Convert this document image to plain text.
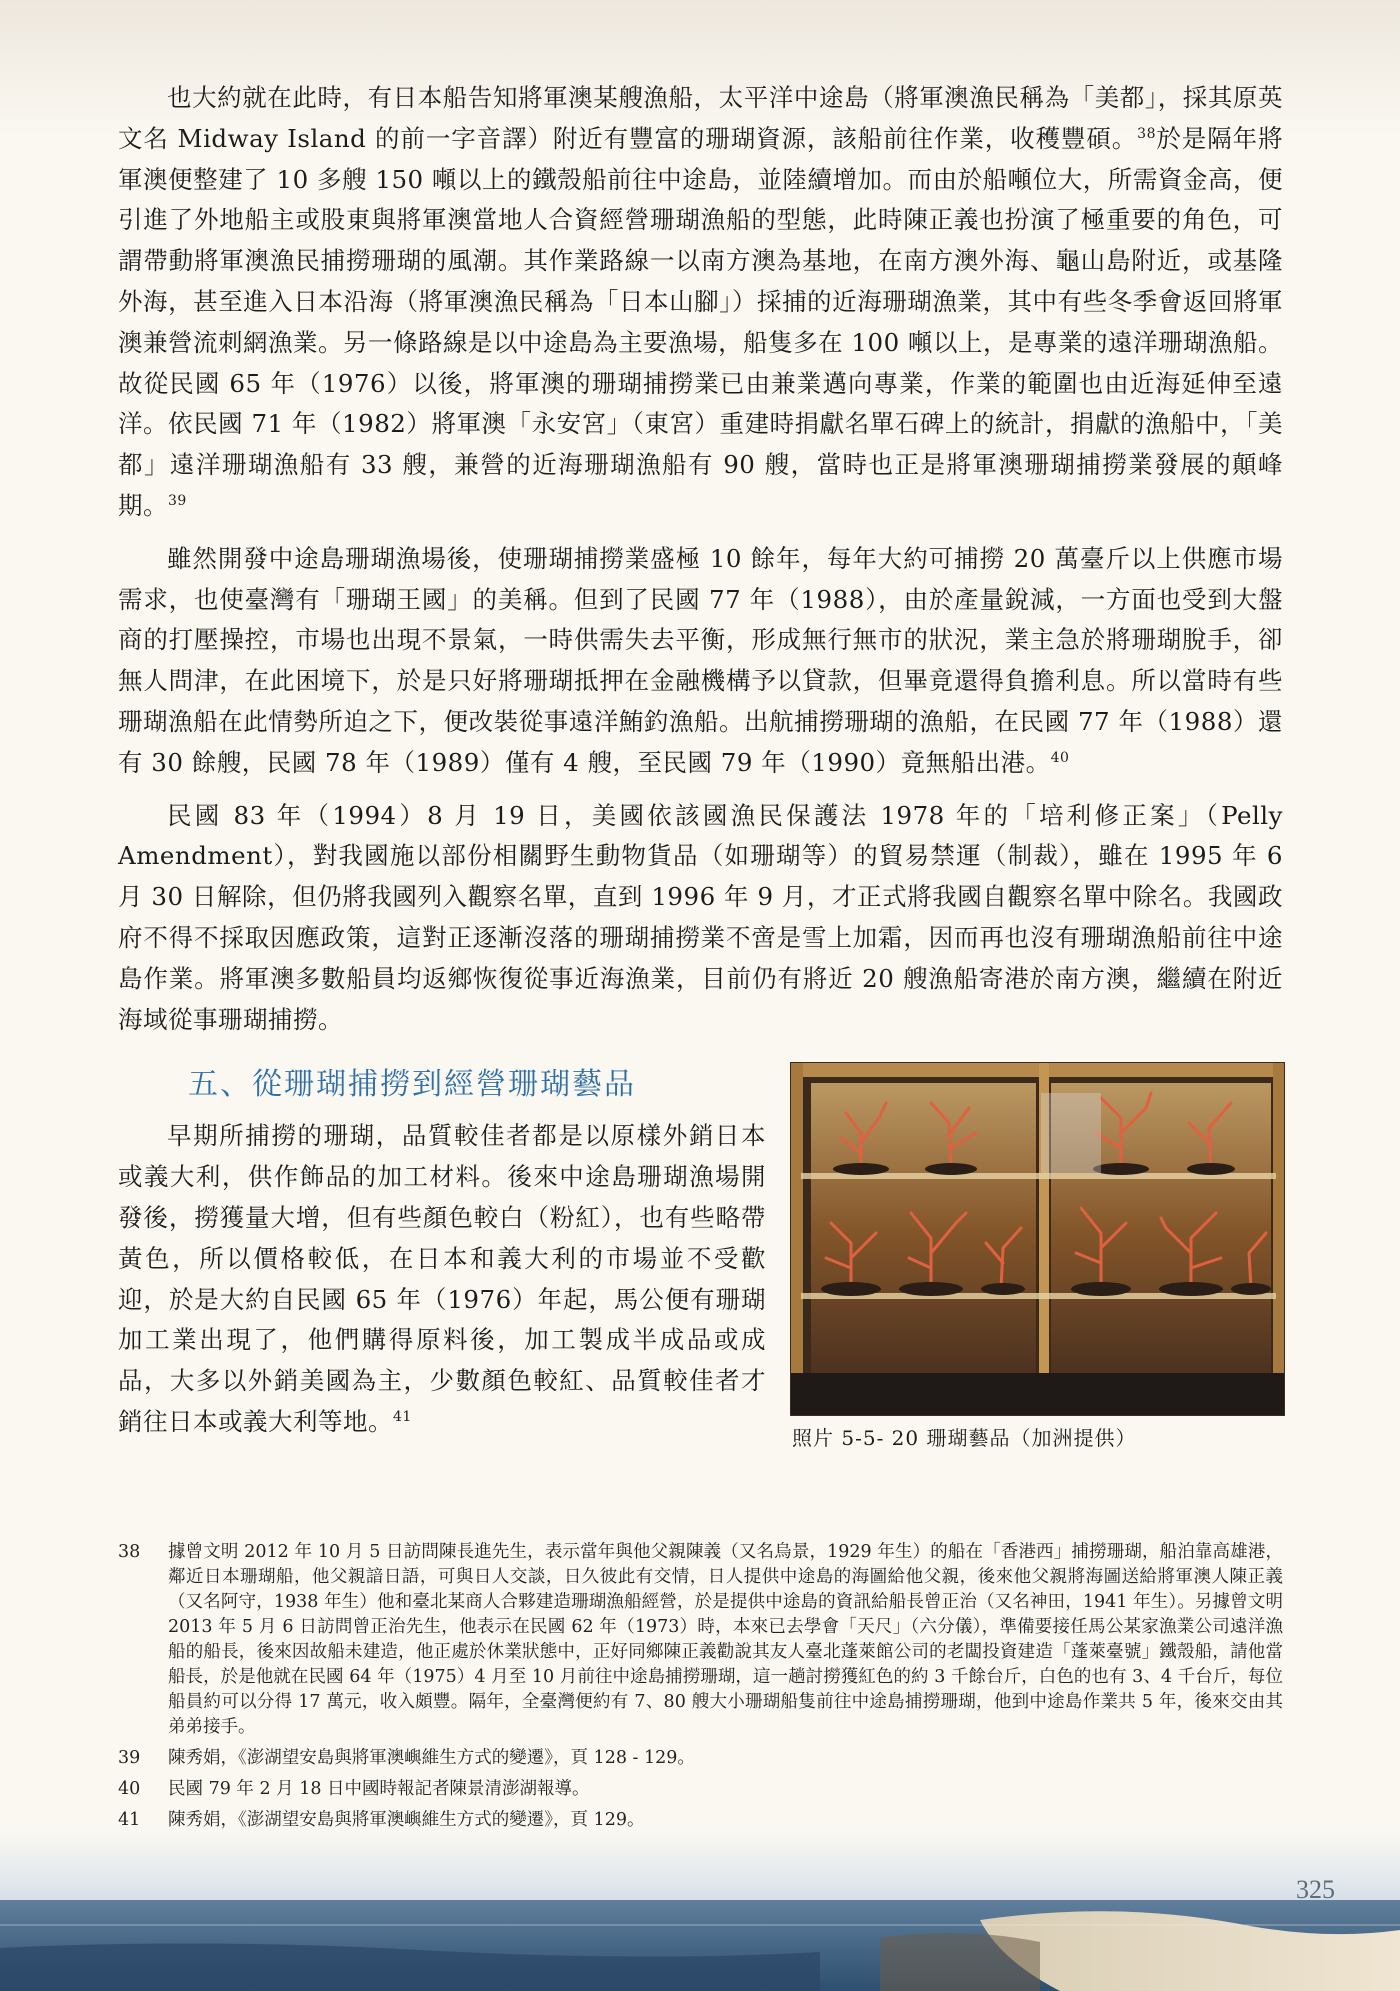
也大約就在此時，有日本船告知將軍澳某艘漁船，太平洋中途島（將軍澳漁民稱為「美都」，採其原英文名 Midway Island 的前一字音譯）附近有豐富的珊瑚資源，該船前往作業，收穫豐碩。$^{38}$於是隔年將軍澳便整建了 10 多艘 150 噸以上的鐵殼船前往中途島，並陸續增加。而由於船噸位大，所需資金高，便引進了外地船主或股東與將軍澳當地人合資經營珊瑚漁船的型態，此時陳正義也扮演了極重要的角色，可謂帶動將軍澳漁民捕撈珊瑚的風潮。其作業路線一以南方澳為基地，在南方澳外海、龜山島附近，或基隆外海，甚至進入日本沿海（將軍澳漁民稱為「日本山腳」）採捕的近海珊瑚漁業，其中有些冬季會返回將軍澳兼營流刺網漁業。另一條路線是以中途島為主要漁場，船隻多在 100 噸以上，是專業的遠洋珊瑚漁船。故從民國 65 年（1976）以後，將軍澳的珊瑚捕撈業已由兼業邁向專業，作業的範圍也由近海延伸至遠洋。依民國 71 年（1982）將軍澳「永安宮」（東宮）重建時捐獻名單石碑上的統計，捐獻的漁船中，「美都」遠洋珊瑚漁船有 33 艘，兼營的近海珊瑚漁船有 90 艘，當時也正是將軍澳珊瑚捕撈業發展的顛峰期。$^{39}$

雖然開發中途島珊瑚漁場後，使珊瑚捕撈業盛極 10 餘年，每年大約可捕撈 20 萬臺斤以上供應市場需求，也使臺灣有「珊瑚王國」的美稱。但到了民國 77 年（1988），由於產量銳減，一方面也受到大盤商的打壓操控，市場也出現不景氣，一時供需失去平衡，形成無行無市的狀況，業主急於將珊瑚脫手，卻無人問津，在此困境下，於是只好將珊瑚抵押在金融機構予以貸款，但畢竟還得負擔利息。所以當時有些珊瑚漁船在此情勢所迫之下，便改裝從事遠洋鮪釣漁船。出航捕撈珊瑚的漁船，在民國 77 年（1988）還有 30 餘艘，民國 78 年（1989）僅有 4 艘，至民國 79 年（1990）竟無船出港。$^{40}$

民國 83 年（1994）8 月 19 日，美國依該國漁民保護法 1978 年的「培利修正案」（Pelly Amendment），對我國施以部份相關野生動物貨品（如珊瑚等）的貿易禁運（制裁），雖在 1995 年 6 月 30 日解除，但仍將我國列入觀察名單，直到 1996 年 9 月，才正式將我國自觀察名單中除名。我國政府不得不採取因應政策，這對正逐漸沒落的珊瑚捕撈業不啻是雪上加霜，因而再也沒有珊瑚漁船前往中途島作業。將軍澳多數船員均返鄉恢復從事近海漁業，目前仍有將近 20 艘漁船寄港於南方澳，繼續在附近海域從事珊瑚捕撈。

五、從珊瑚捕撈到經營珊瑚藝品

早期所捕撈的珊瑚，品質較佳者都是以原樣外銷日本或義大利，供作飾品的加工材料。後來中途島珊瑚漁場開發後，撈獲量大增，但有些顏色較白（粉紅），也有些略帶黃色，所以價格較低，在日本和義大利的市場並不受歡迎，於是大約自民國 65 年（1976）年起，馬公便有珊瑚加工業出現了，他們購得原料後，加工製成半成品或成品，大多以外銷美國為主，少數顏色較紅、品質較佳者才銷往日本或義大利等地。$^{41}$

照片 5-5- 20 珊瑚藝品（加洲提供）
38	據曾文明 2012 年 10 月 5 日訪問陳長進先生，表示當年與他父親陳義（又名烏景，1929 年生）的船在「香港西」捕撈珊瑚，船泊靠高雄港，鄰近日本珊瑚船，他父親諳日語，可與日人交談，日久彼此有交情，日人提供中途島的海圖給他父親，後來他父親將海圖送給將軍澳人陳正義（又名阿守，1938 年生）他和臺北某商人合夥建造珊瑚漁船經營，於是提供中途島的資訊給船長曾正治（又名神田，1941 年生）。另據曾文明 2013 年 5 月 6 日訪問曾正治先生，他表示在民國 62 年（1973）時，本來已去學會「天尺」（六分儀），準備要接任馬公某家漁業公司遠洋漁船的船長，後來因故船未建造，他正處於休業狀態中，正好同鄉陳正義勸說其友人臺北蓬萊館公司的老闆投資建造「蓬萊臺號」鐵殼船，請他當船長，於是他就在民國 64 年（1975）4 月至 10 月前往中途島捕撈珊瑚，這一趟討撈獲紅色的約 3 千餘台斤，白色的也有 3、4 千台斤，每位船員約可以分得 17 萬元，收入頗豐。隔年，全臺灣便約有 7、80 艘大小珊瑚船隻前往中途島捕撈珊瑚，他到中途島作業共 5 年，後來交由其弟弟接手。
39	陳秀娟，《澎湖望安島與將軍澳嶼維生方式的變遷》，頁 128 - 129。
40	民國 79 年 2 月 18 日中國時報記者陳景清澎湖報導。
41	陳秀娟，《澎湖望安島與將軍澳嶼維生方式的變遷》，頁 129。
325
